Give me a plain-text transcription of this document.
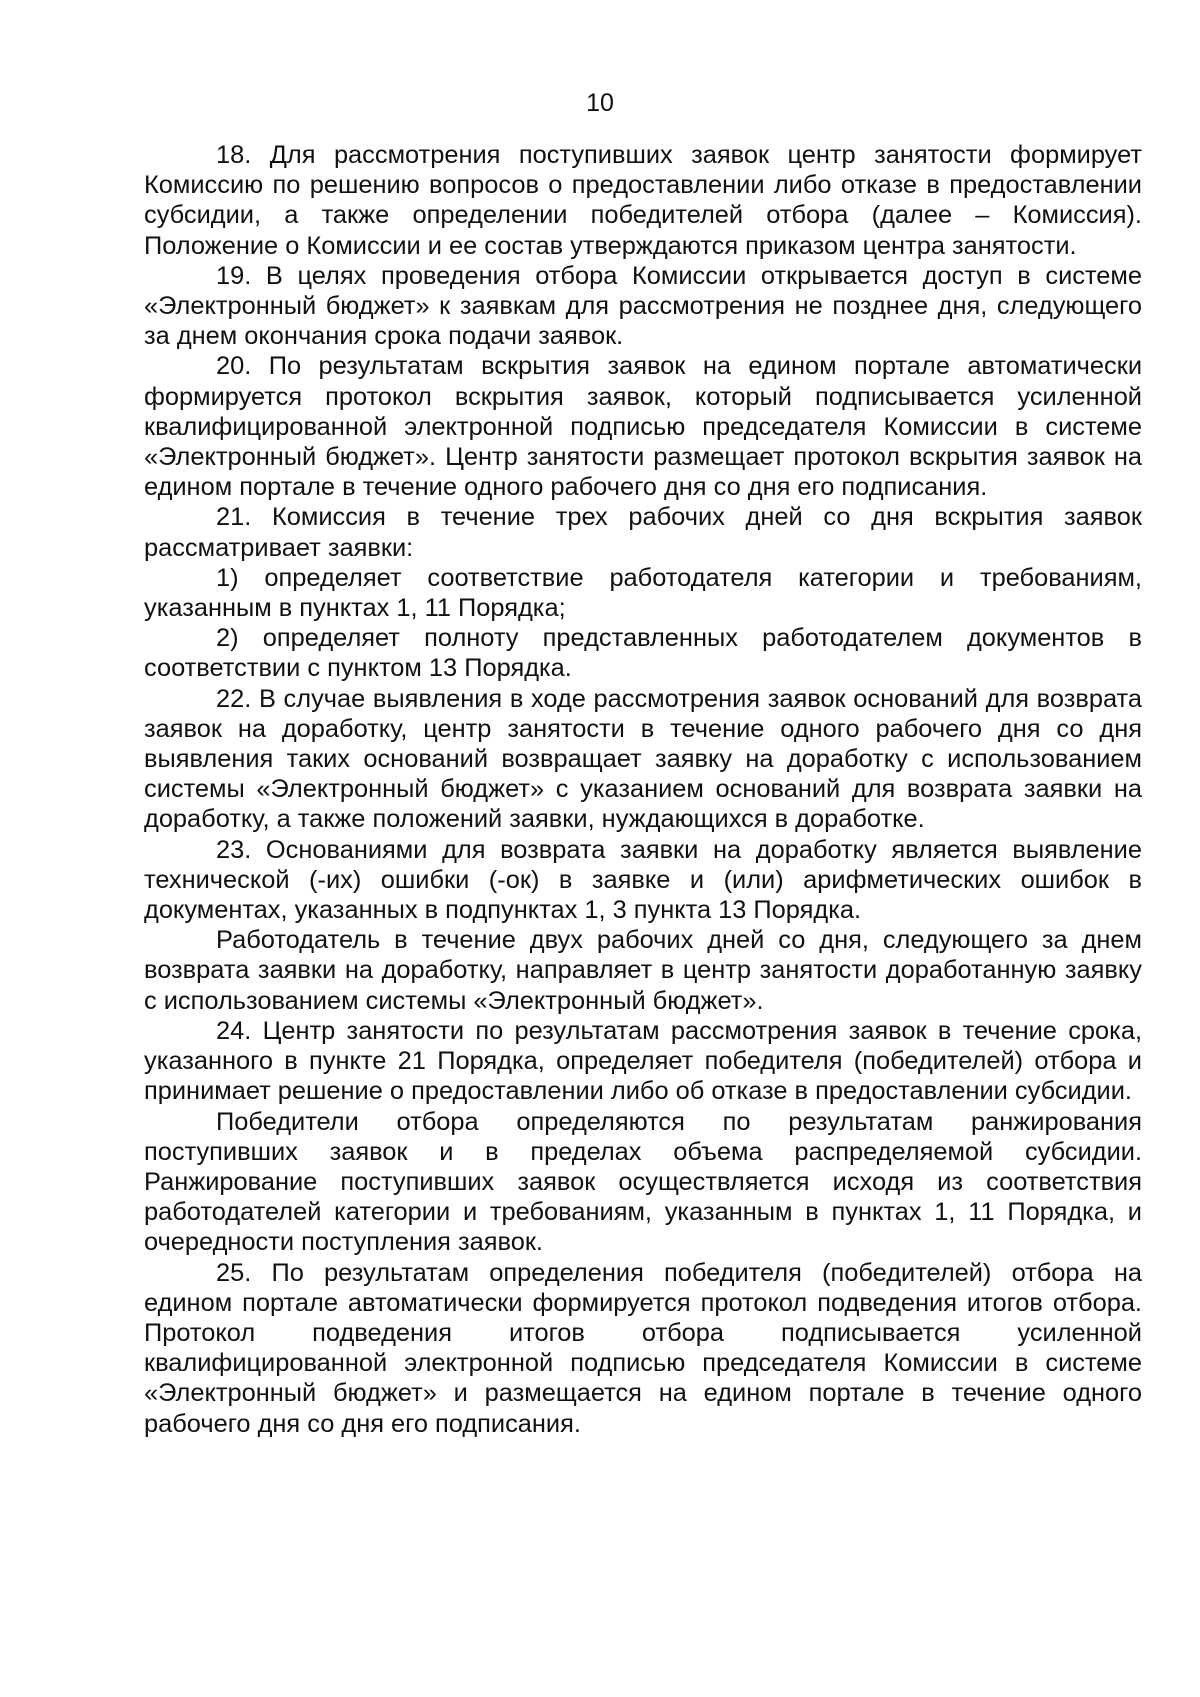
10

18. Для рассмотрения поступивших заявок центр занятости формирует Комиссию по решению вопросов о предоставлении либо отказе в предоставлении субсидии, а также определении победителей отбора (далее – Комиссия). Положение о Комиссии и ее состав утверждаются приказом центра занятости.

19. В целях проведения отбора Комиссии открывается доступ в системе «Электронный бюджет» к заявкам для рассмотрения не позднее дня, следующего за днем окончания срока подачи заявок.

20. По результатам вскрытия заявок на едином портале автоматически формируется протокол вскрытия заявок, который подписывается усиленной квалифицированной электронной подписью председателя Комиссии в системе «Электронный бюджет». Центр занятости размещает протокол вскрытия заявок на едином портале в течение одного рабочего дня со дня его подписания.

21. Комиссия в течение трех рабочих дней со дня вскрытия заявок рассматривает заявки:

1) определяет соответствие работодателя категории и требованиям, указанным в пунктах 1, 11 Порядка;

2) определяет полноту представленных работодателем документов в соответствии с пунктом 13 Порядка.

22. В случае выявления в ходе рассмотрения заявок оснований для возврата заявок на доработку, центр занятости в течение одного рабочего дня со дня выявления таких оснований возвращает заявку на доработку с использованием системы «Электронный бюджет» с указанием оснований для возврата заявки на доработку, а также положений заявки, нуждающихся в доработке.

23. Основаниями для возврата заявки на доработку является выявление технической (-их) ошибки (-ок) в заявке и (или) арифметических ошибок в документах, указанных в подпунктах 1, 3 пункта 13 Порядка.

Работодатель в течение двух рабочих дней со дня, следующего за днем возврата заявки на доработку, направляет в центр занятости доработанную заявку с использованием системы «Электронный бюджет».

24. Центр занятости по результатам рассмотрения заявок в течение срока, указанного в пункте 21 Порядка, определяет победителя (победителей) отбора и принимает решение о предоставлении либо об отказе в предоставлении субсидии.

Победители отбора определяются по результатам ранжирования поступивших заявок и в пределах объема распределяемой субсидии. Ранжирование поступивших заявок осуществляется исходя из соответствия работодателей категории и требованиям, указанным в пунктах 1, 11 Порядка, и очередности поступления заявок.

25. По результатам определения победителя (победителей) отбора на едином портале автоматически формируется протокол подведения итогов отбора. Протокол подведения итогов отбора подписывается усиленной квалифицированной электронной подписью председателя Комиссии в системе «Электронный бюджет» и размещается на едином портале в течение одного рабочего дня со дня его подписания.
